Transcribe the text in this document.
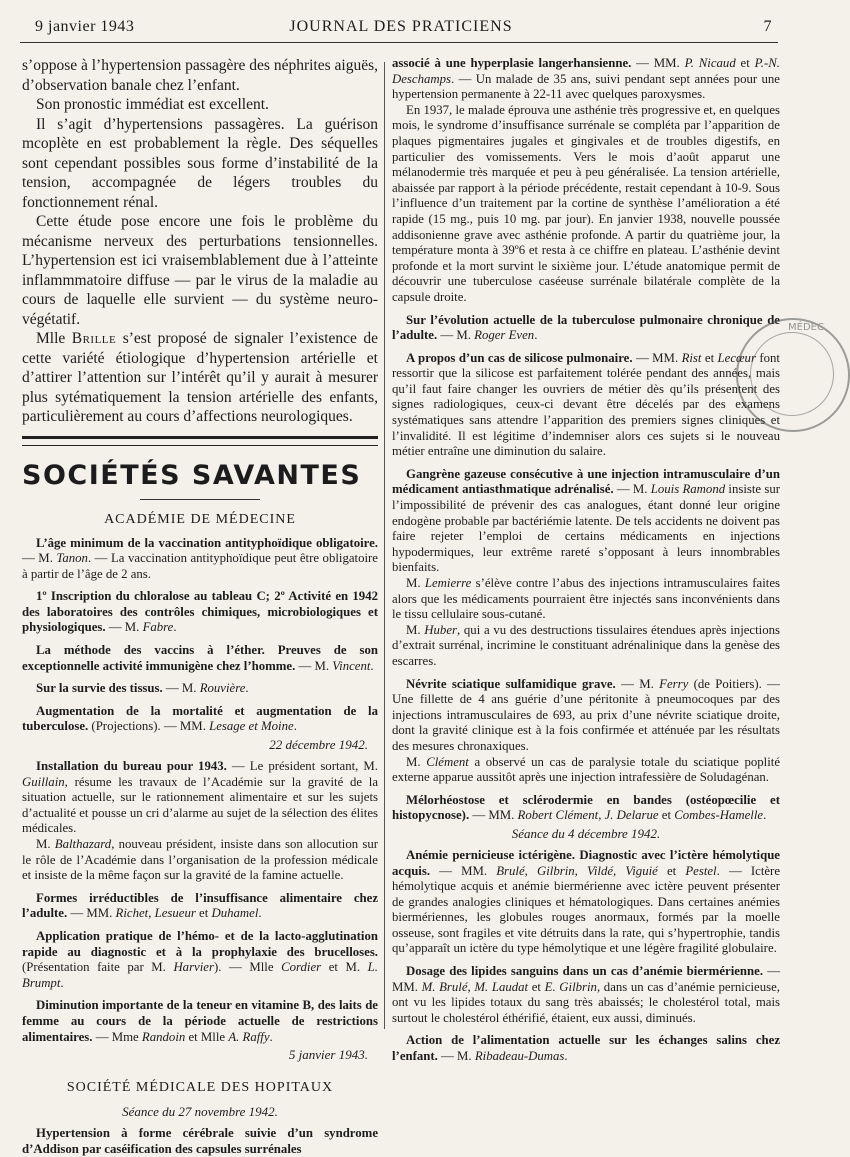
9 janvier 1943	JOURNAL DES PRATICIENS	7

s’oppose à l’hypertension passagère des néphrites aiguës, d’observation banale chez l’enfant.

Son pronostic immédiat est excellent.

Il s’agit d’hypertensions passagères. La guérison mcoplète en est probablement la règle. Des séquelles sont cependant possibles sous forme d’instabilité de la tension, accompagnée de légers troubles du fonctionnement rénal.

Cette étude pose encore une fois le problème du mécanisme nerveux des perturbations tensionnelles. L’hypertension est ici vraisemblablement due à l’atteinte inflammmatoire diffuse — par le virus de la maladie au cours de laquelle elle survient — du système neuro-végétatif.

Mlle Brille s’est proposé de signaler l’existence de cette variété étiologique d’hypertension artérielle et d’attirer l’attention sur l’intérêt qu’il y aurait à mesurer plus sytématiquement la tension artérielle des enfants, particulièrement au cours d’affections neurologiques.

SOCIÉTÉS SAVANTES
ACADÉMIE DE MÉDECINE

L’âge minimum de la vaccination antityphoïdique obligatoire. — M. Tanon. — La vaccination antityphoïdique peut être obligatoire à partir de l’âge de 2 ans.

1º Inscription du chloralose au tableau C; 2º Activité en 1942 des laboratoires des contrôles chimiques, microbiologiques et physiologiques. — M. Fabre.

La méthode des vaccins à l’éther. Preuves de son exceptionnelle activité immunigène chez l’homme. — M. Vincent.

Sur la survie des tissus. — M. Rouvière.

Augmentation de la mortalité et augmentation de la tuberculose. (Projections). — MM. Lesage et Moine.

22 décembre 1942.

Installation du bureau pour 1943. — Le président sortant, M. Guillain, résume les travaux de l’Académie sur la gravité de la situation actuelle, sur le rationnement alimentaire et sur les sujets d’actualité et pousse un cri d’alarme au sujet de la sélection des élites médicales.

M. Balthazard, nouveau président, insiste dans son allocution sur le rôle de l’Académie dans l’organisation de la profession médicale et insiste de la même façon sur la gravité de la famine actuelle.

Formes irréductibles de l’insuffisance alimentaire chez l’adulte. — MM. Richet, Lesueur et Duhamel.

Application pratique de l’hémo- et de la lacto-agglutination rapide au diagnostic et à la prophylaxie des brucelloses. (Présentation faite par M. Harvier). — Mlle Cordier et M. L. Brumpt.

Diminution importante de la teneur en vitamine B, des laits de femme au cours de la période actuelle de restrictions alimentaires. — Mme Randoin et Mlle A. Raffy.

5 janvier 1943.
SOCIÉTÉ MÉDICALE DES HOPITAUX
Séance du 27 novembre 1942.

Hypertension à forme cérébrale suivie d’un syndrome d’Addison par caséification des capsules surrénales

associé à une hyperplasie langerhansienne. — MM. P. Nicaud et P.-N. Deschamps. — Un malade de 35 ans, suivi pendant sept années pour une hypertension permanente à 22-11 avec quelques paroxysmes.

En 1937, le malade éprouva une asthénie très progressive et, en quelques mois, le syndrome d’insuffisance surrénale se compléta par l’apparition de plaques pigmentaires jugales et gingivales et de troubles digestifs, en particulier des vomissements. Vers le mois d’août apparut une mélanodermie très marquée et peu à peu généralisée. La tension artérielle, abaissée par rapport à la période précédente, restait cependant à 10-9. Sous l’influence d’un traitement par la cortine de synthèse l’amélioration a été rapide (15 mg., puis 10 mg. par jour). En janvier 1938, nouvelle poussée addisonienne grave avec asthénie profonde. A partir du quatrième jour, la température monta à 39º6 et resta à ce chiffre en plateau. L’asthénie devint profonde et la mort survint le sixième jour. L’étude anatomique permit de découvrir une tuberculose caséeuse surrénale bilatérale complète de la capsule droite.

Sur l’évolution actuelle de la tuberculose pulmonaire chronique de l’adulte. — M. Roger Even.

A propos d’un cas de silicose pulmonaire. — MM. Rist et Lecœur font ressortir que la silicose est parfaitement tolérée pendant des années, mais qu’il faut faire changer les ouvriers de métier dès qu’ils présentent des signes radiologiques, ceux-ci devant être décelés par des examens systématiques sans attendre l’apparition des premiers signes cliniques et l’invalidité. Il est légitime d’indemniser alors ces sujets si le nouveau métier entraîne une diminution du salaire.

Gangrène gazeuse consécutive à une injection intramusculaire d’un médicament antiasthmatique adrénalisé. — M. Louis Ramond insiste sur l’impossibilité de prévenir des cas analogues, étant donné leur origine endogène probable par bactériémie latente. De tels accidents ne doivent pas faire rejeter l’emploi de certains médicaments en injections hypodermiques, leur extrême rareté s’opposant à leurs innombrables bienfaits.

M. Lemierre s’élève contre l’abus des injections intramusculaires faites alors que les médicaments pourraient être injectés sans inconvénients dans le tissu cellulaire sous-cutané.

M. Huber, qui a vu des destructions tissulaires étendues après injections d’extrait surrénal, incrimine le constituant adrénalinique dans la genèse des escarres.

Névrite sciatique sulfamidique grave. — M. Ferry (de Poitiers). — Une fillette de 4 ans guérie d’une péritonite à pneumocoques par des injections intramusculaires de 693, au prix d’une névrite sciatique droite, dont la gravité clinique est à la fois confirmée et atténuée par les résultats des mesures chronaxiques.

M. Clément a observé un cas de paralysie totale du sciatique poplité externe apparue aussitôt après une injection intrafessière de Soludagénan.

Mélorhéostose et sclérodermie en bandes (ostéopœcilie et histopycnose). — MM. Robert Clément, J. Delarue et Combes-Hamelle.

Séance du 4 décembre 1942.

Anémie pernicieuse ictérigène. Diagnostic avec l’ictère hémolytique acquis. — MM. Brulé, Gilbrin, Vildé, Viguié et Pestel. — Ictère hémolytique acquis et anémie biermérienne avec ictère peuvent présenter de grandes analogies cliniques et hématologiques. Dans certaines anémies biermériennes, les globules rouges anormaux, formés par la moelle osseuse, sont fragiles et vite détruits dans la rate, qui s’hypertrophie, tandis qu’apparaît un ictère du type hémolytique et une légère fragilité globulaire.

Dosage des lipides sanguins dans un cas d’anémie biermérienne. — MM. M. Brulé, M. Laudat et E. Gilbrin, dans un cas d’anémie pernicieuse, ont vu les lipides totaux du sang très abaissés; le cholestérol total, mais surtout le cholestérol éthérifié, étaient, eux aussi, diminués.

Action de l’alimentation actuelle sur les échanges salins chez l’enfant. — M. Ribadeau-Dumas.

MÉDEC
